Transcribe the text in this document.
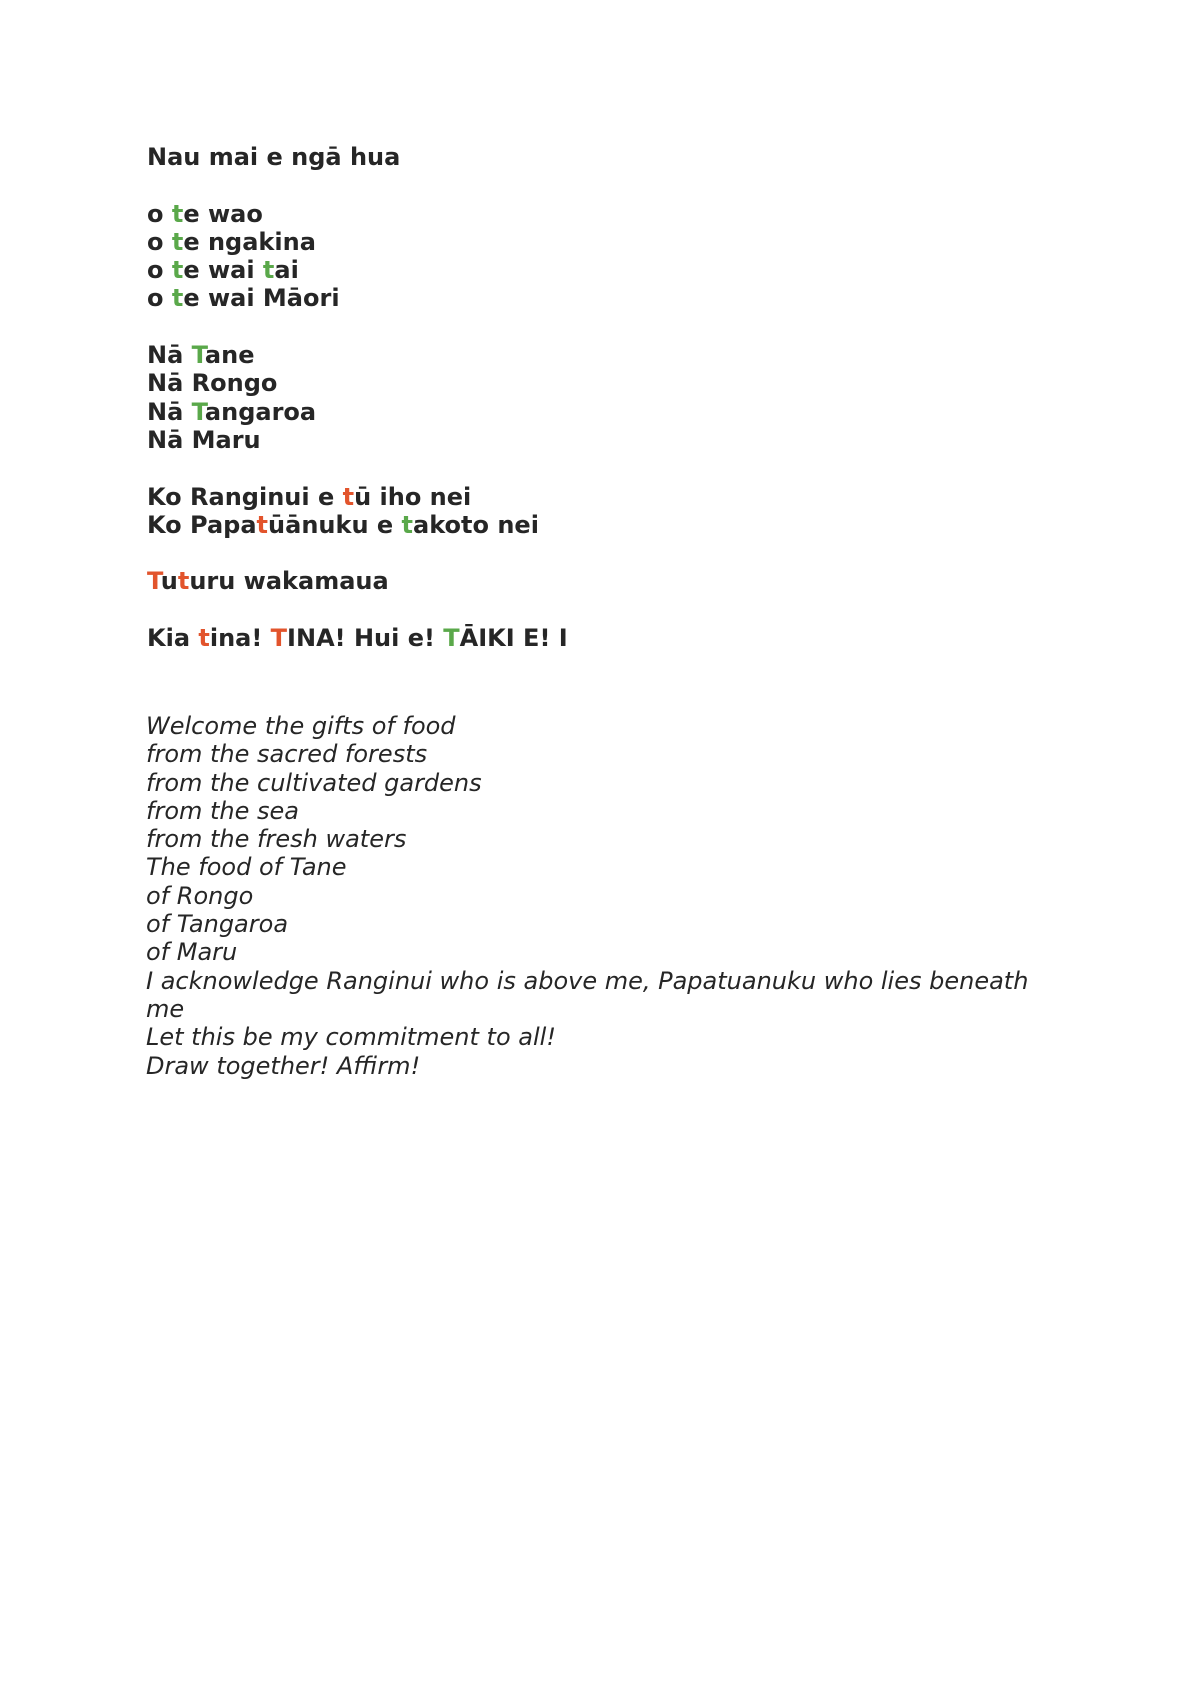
Nau mai e ngā hua
o te wao
o te ngakina
o te wai tai
o te wai Māori
Nā Tane
Nā Rongo
Nā Tangaroa
Nā Maru
Ko Ranginui e tū iho nei
Ko Papatūānuku e takoto nei
Tuturu wakamaua
Kia tina! TINA! Hui e! TĀIKI E! I
Welcome the gifts of food
from the sacred forests
from the cultivated gardens
from the sea
from the fresh waters
The food of Tane
of Rongo
of Tangaroa
of Maru
I acknowledge Ranginui who is above me, Papatuanuku who lies beneath me
Let this be my commitment to all!
Draw together! Affirm!
